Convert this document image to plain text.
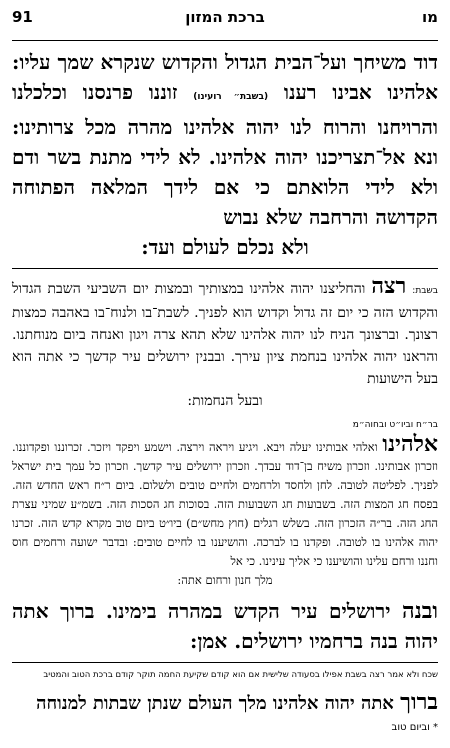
91	ברכת המזון	מו
דוד משיחך ועל־הבית הגדול והקדוש שנקרא שמך עליו: אלהינו אבינו רענו (בשבת״ רועינו) זוננו פרנסנו וכלכלנו והרויחנו והרוח לנו יהוה אלהינו מהרה מכל צרותינו: ונא אל־תצריכנו יהוה אלהינו. לא לידי מתנת בשר ודם ולא לידי הלואתם כי אם לידך המלאה הפתוחה הקדושה והרחבה שלא נבוש
ולא נכלם לעולם ועד:
בשבת: רצה והחליצנו יהוה אלהינו במצותיך ובמצות יום השביעי השבת הגדול והקדוש הזה כי יום זה גדול וקדוש הוא לפניך. לשבת־בו ולנוח־בו באהבה כמצות רצונך. וברצונך הניח לנו יהוה אלהינו שלא תהא צרה ויגון ואנחה ביום מנוחתנו. והראנו יהוה אלהינו בנחמת ציון עירך. ובבנין ירושלים עיר קדשך כי אתה הוא בעל הישועות
ובעל הנחמות:
בר״ח וביו״ט ובחוה״מ
אלהינו ואלהי אבותינו יעלה ויבא. ויגיע ויראה וירצה. וישמע ויפקד ויזכר. זכרוננו ופקדוננו. וזכרון אבותינו. וזכרון משיח בן־דוד עבדך. וזכרון ירושלים עיר קדשך. וזכרון כל עמך בית ישראל לפניך. לפליטה לטובה. לחן ולחסד ולרחמים ולחיים טובים ולשלום. ביום ר״ח ראש החדש הזה. בפסח חג המצות הזה. בשבועות חג השבועות הזה. בסוכות חג הסכות הזה. בשמ״ע שמיני עצרת החג הזה. בר״ה הזכרון הזה. בשלש רגלים (חוץ מחש״ם) ביו״ט ביום טוב מקרא קדש הזה. זכרנו יהוה אלהינו בו לטובה. ופקדנו בו לברכה. והושיענו בו לחיים טובים: ובדבר ישועה ורחמים חוס וחננו ורחם עלינו והושיענו כי אליך עינינו. כי אל
מלך חנון ורחום אתה:
ובנה ירושלים עיר הקדש במהרה בימינו. ברוך אתה יהוה בנה ברחמיו ירושלים. אמן:
שכח ולא אמר רצה בשבת אפילו בסעודה שלישית אם הוא קודם שקיעת החמה תוקר קודם ברכת הטוב והמטיב
ברוך אתה יהוה אלהינו מלך העולם שנתן שבתות למנוחה
* וביום טוב
